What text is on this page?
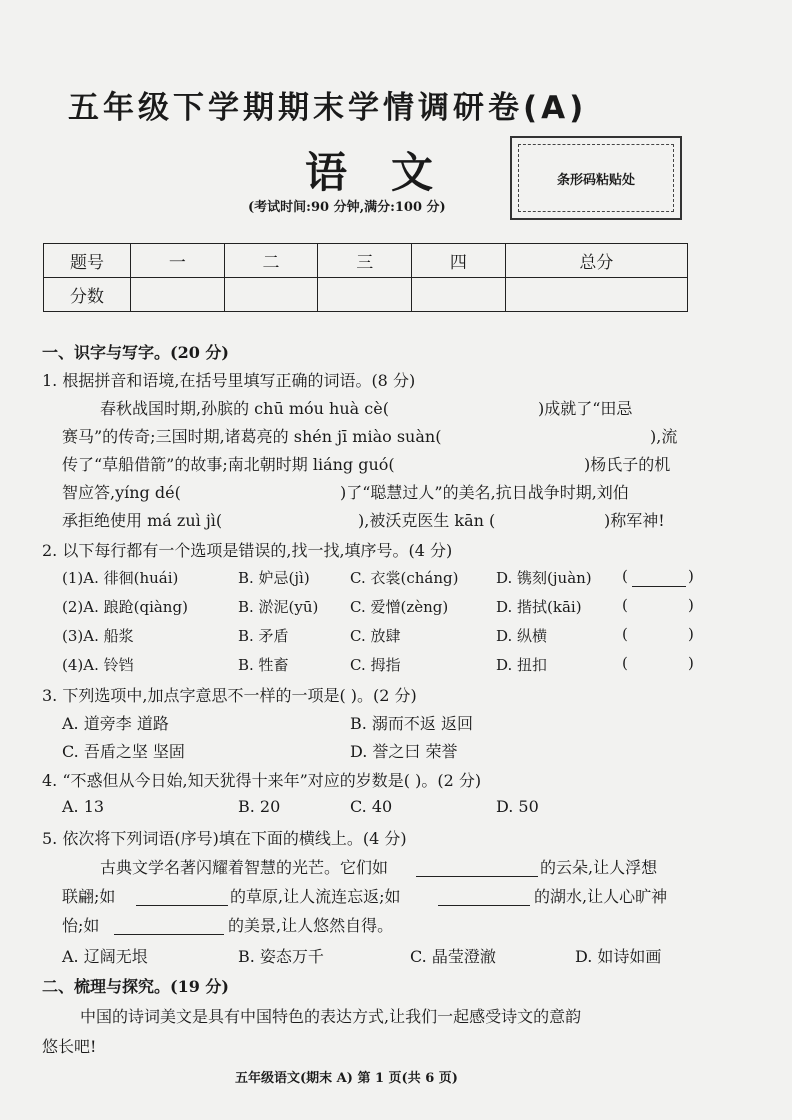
五年级下学期期末学情调研卷(A)
语文
(考试时间:90 分钟,满分:100 分)
条形码粘贴处
题号	一	二	三	四	总分
分数					
一、识字与写字。(20 分)
1. 根据拼音和语境,在括号里填写正确的词语。(8 分)
春秋战国时期,孙膑的 chū móu huà cè(	)成就了“田忌
赛马”的传奇;三国时期,诸葛亮的 shén jī miào suàn(	),流
传了“草船借箭”的故事;南北朝时期 liáng guó(	)杨氏子的机
智应答,yíng dé(	)了“聪慧过人”的美名,抗日战争时期,刘伯
承拒绝使用 má zuì jì(	),被沃克医生 kān (	)称军神!
2. 以下每行都有一个选项是错误的,找一找,填序号。(4 分)
(1)A. 徘徊(huái)	B. 妒忌(jì)	C. 衣裳(cháng)	D. 镌刻(juàn) (	)
(2)A. 踉跄(qiàng)	B. 淤泥(yū) C. 爱憎(zèng)	D. 揩拭(kāi)	(	)
(3)A. 船浆	B. 矛盾	C. 放肆	D. 纵横	(	)
(4)A. 铃铛	B. 牲畜	C. 拇指	D. 扭扣	(	)
3. 下列选项中,加点字意思不一样的一项是( )。(2 分)
A. 道旁李 道路	B. 溺而不返 返回
C. 吾盾之坚 坚固	D. 誉之曰 荣誉
4. “不惑但从今日始,知天犹得十来年”对应的岁数是( )。(2 分)
A. 13	B. 20	C. 40	D. 50
5. 依次将下列词语(序号)填在下面的横线上。(4 分)
古典文学名著闪耀着智慧的光芒。它们如	的云朵,让人浮想
联翩;如	的草原,让人流连忘返;如	的湖水,让人心旷神
怡;如	的美景,让人悠然自得。
A. 辽阔无垠	B. 姿态万千	C. 晶莹澄澈	D. 如诗如画
二、梳理与探究。(19 分)
中国的诗词美文是具有中国特色的表达方式,让我们一起感受诗文的意韵
悠长吧!
五年级语文(期末 A) 第 1 页(共 6 页)
